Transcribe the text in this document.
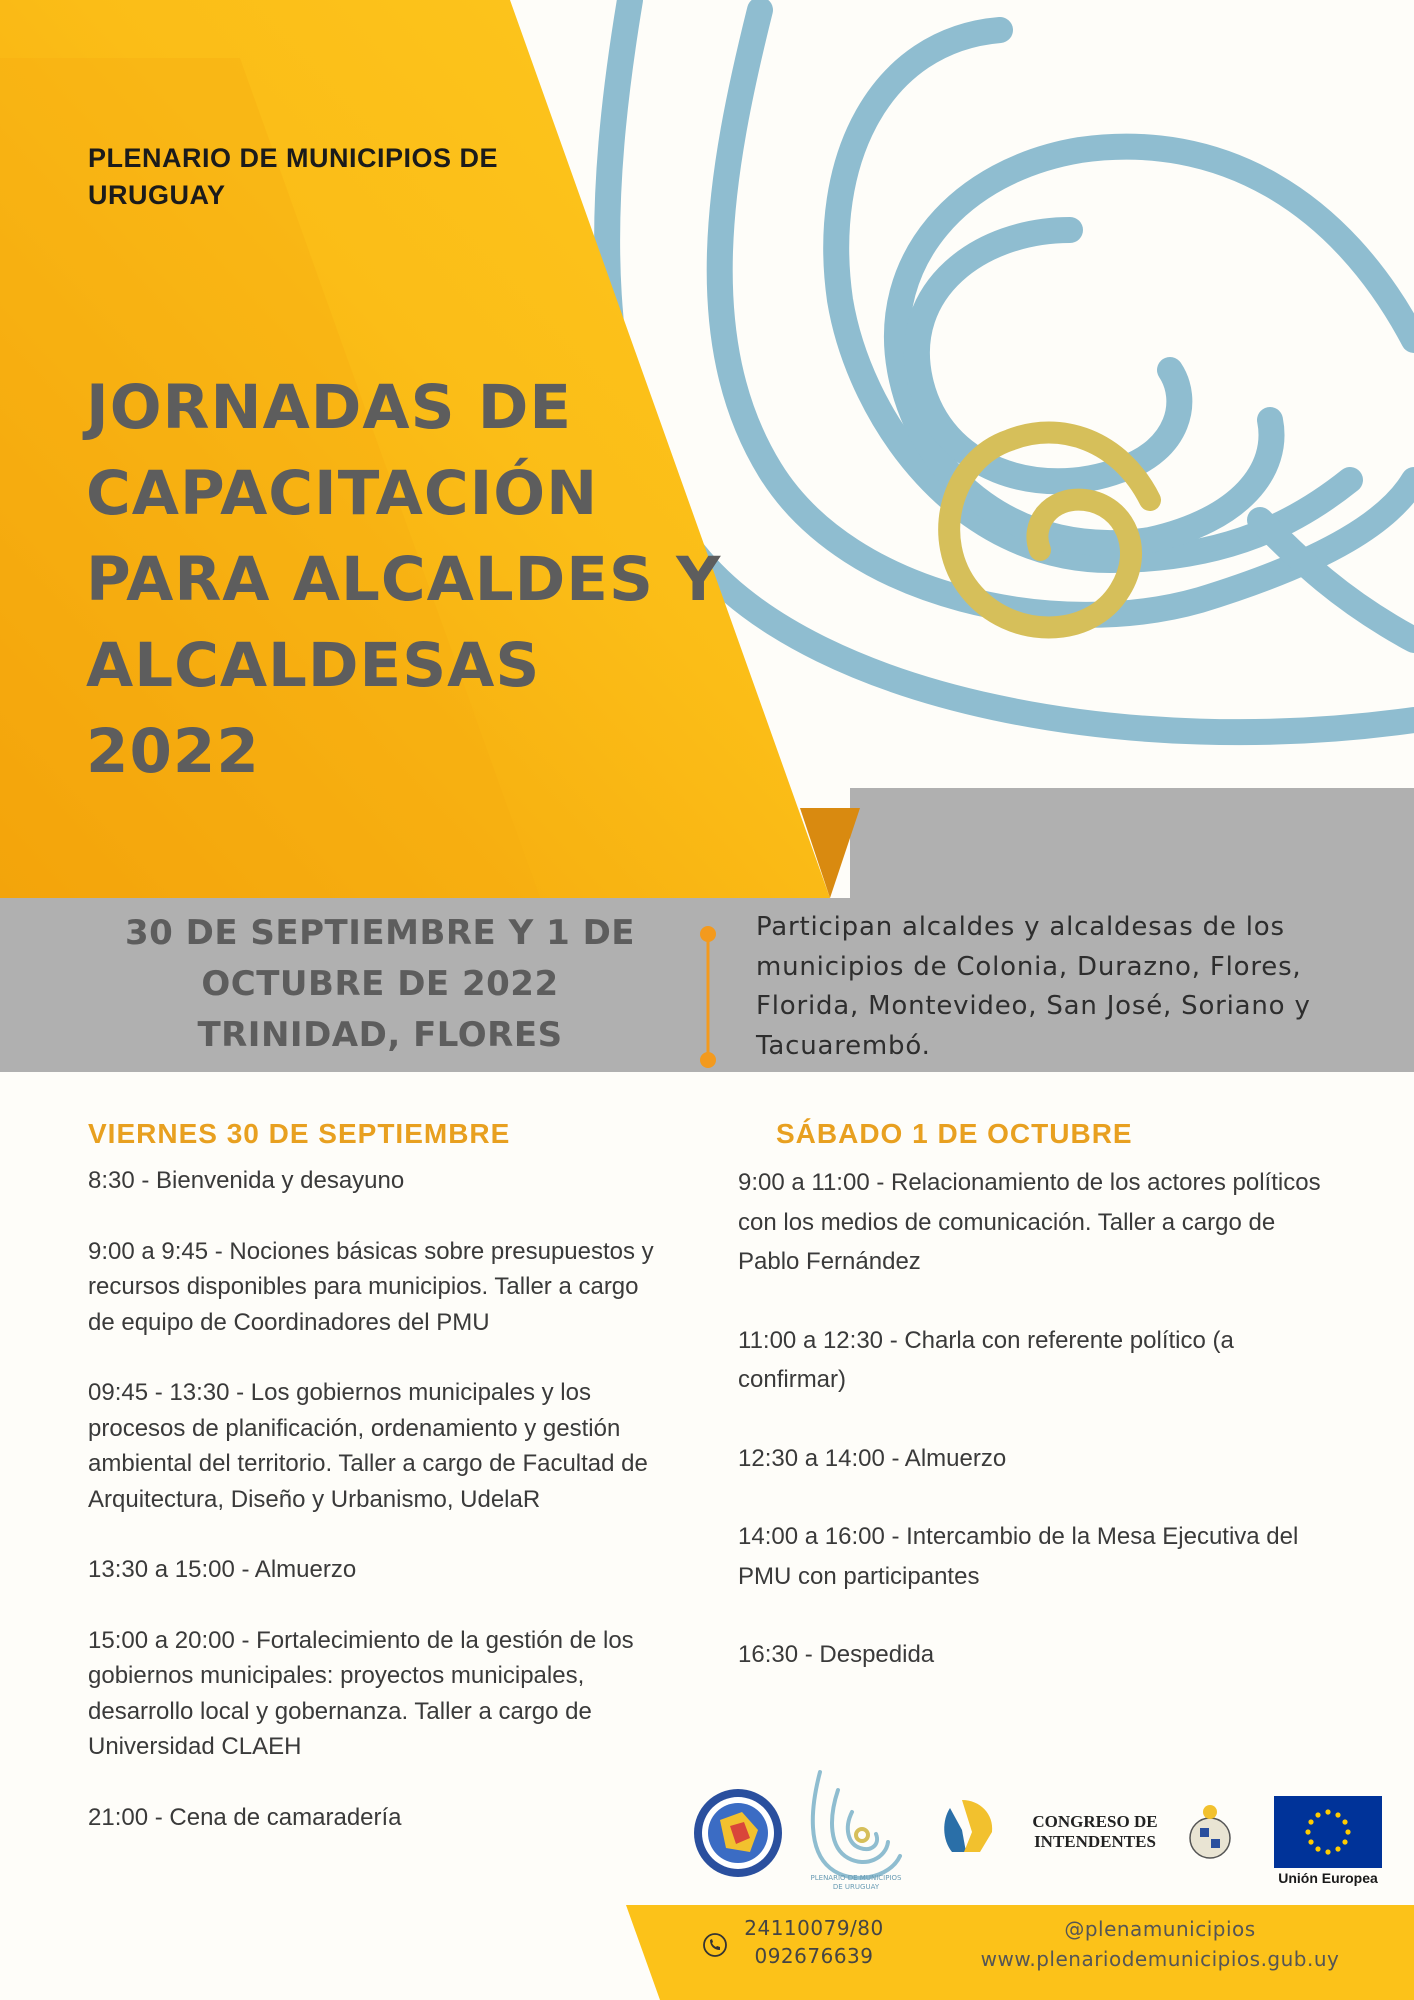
PLENARIO DE MUNICIPIOS DE URUGUAY
JORNADAS DE CAPACITACIÓN PARA ALCALDES Y ALCALDESAS 2022
30 DE SEPTIEMBRE Y 1 DE
OCTUBRE DE 2022
TRINIDAD, FLORES
Participan alcaldes y alcaldesas de los municipios de Colonia, Durazno, Flores, Florida, Montevideo, San José, Soriano y Tacuarembó.
VIERNES 30 DE SEPTIEMBRE

8:30 - Bienvenida y desayuno

9:00 a 9:45 - Nociones básicas sobre presupuestos y recursos disponibles para municipios. Taller a cargo de equipo de Coordinadores del PMU

09:45 - 13:30 - Los gobiernos municipales y los procesos de planificación, ordenamiento y gestión ambiental del territorio. Taller a cargo de Facultad de Arquitectura, Diseño y Urbanismo, UdelaR

13:30 a 15:00 - Almuerzo

15:00 a 20:00 - Fortalecimiento de la gestión de los gobiernos municipales: proyectos municipales, desarrollo local y gobernanza. Taller a cargo de Universidad CLAEH

21:00 - Cena de camaradería

SÁBADO 1 DE OCTUBRE

9:00 a 11:00 - Relacionamiento de los actores políticos con los medios de comunicación. Taller a cargo de Pablo Fernández

11:00 a 12:30 - Charla con referente político (a confirmar)

12:30 a 14:00 - Almuerzo

14:00 a 16:00 - Intercambio de la Mesa Ejecutiva del PMU con participantes

16:30 - Despedida

PLENARIO DE MUNICIPIOS DE URUGUAY
CONGRESO DE INTENDENTES
Unión Europea
24110079/80
092676639
@plenamunicipios
www.plenariodemunicipios.gub.uy
